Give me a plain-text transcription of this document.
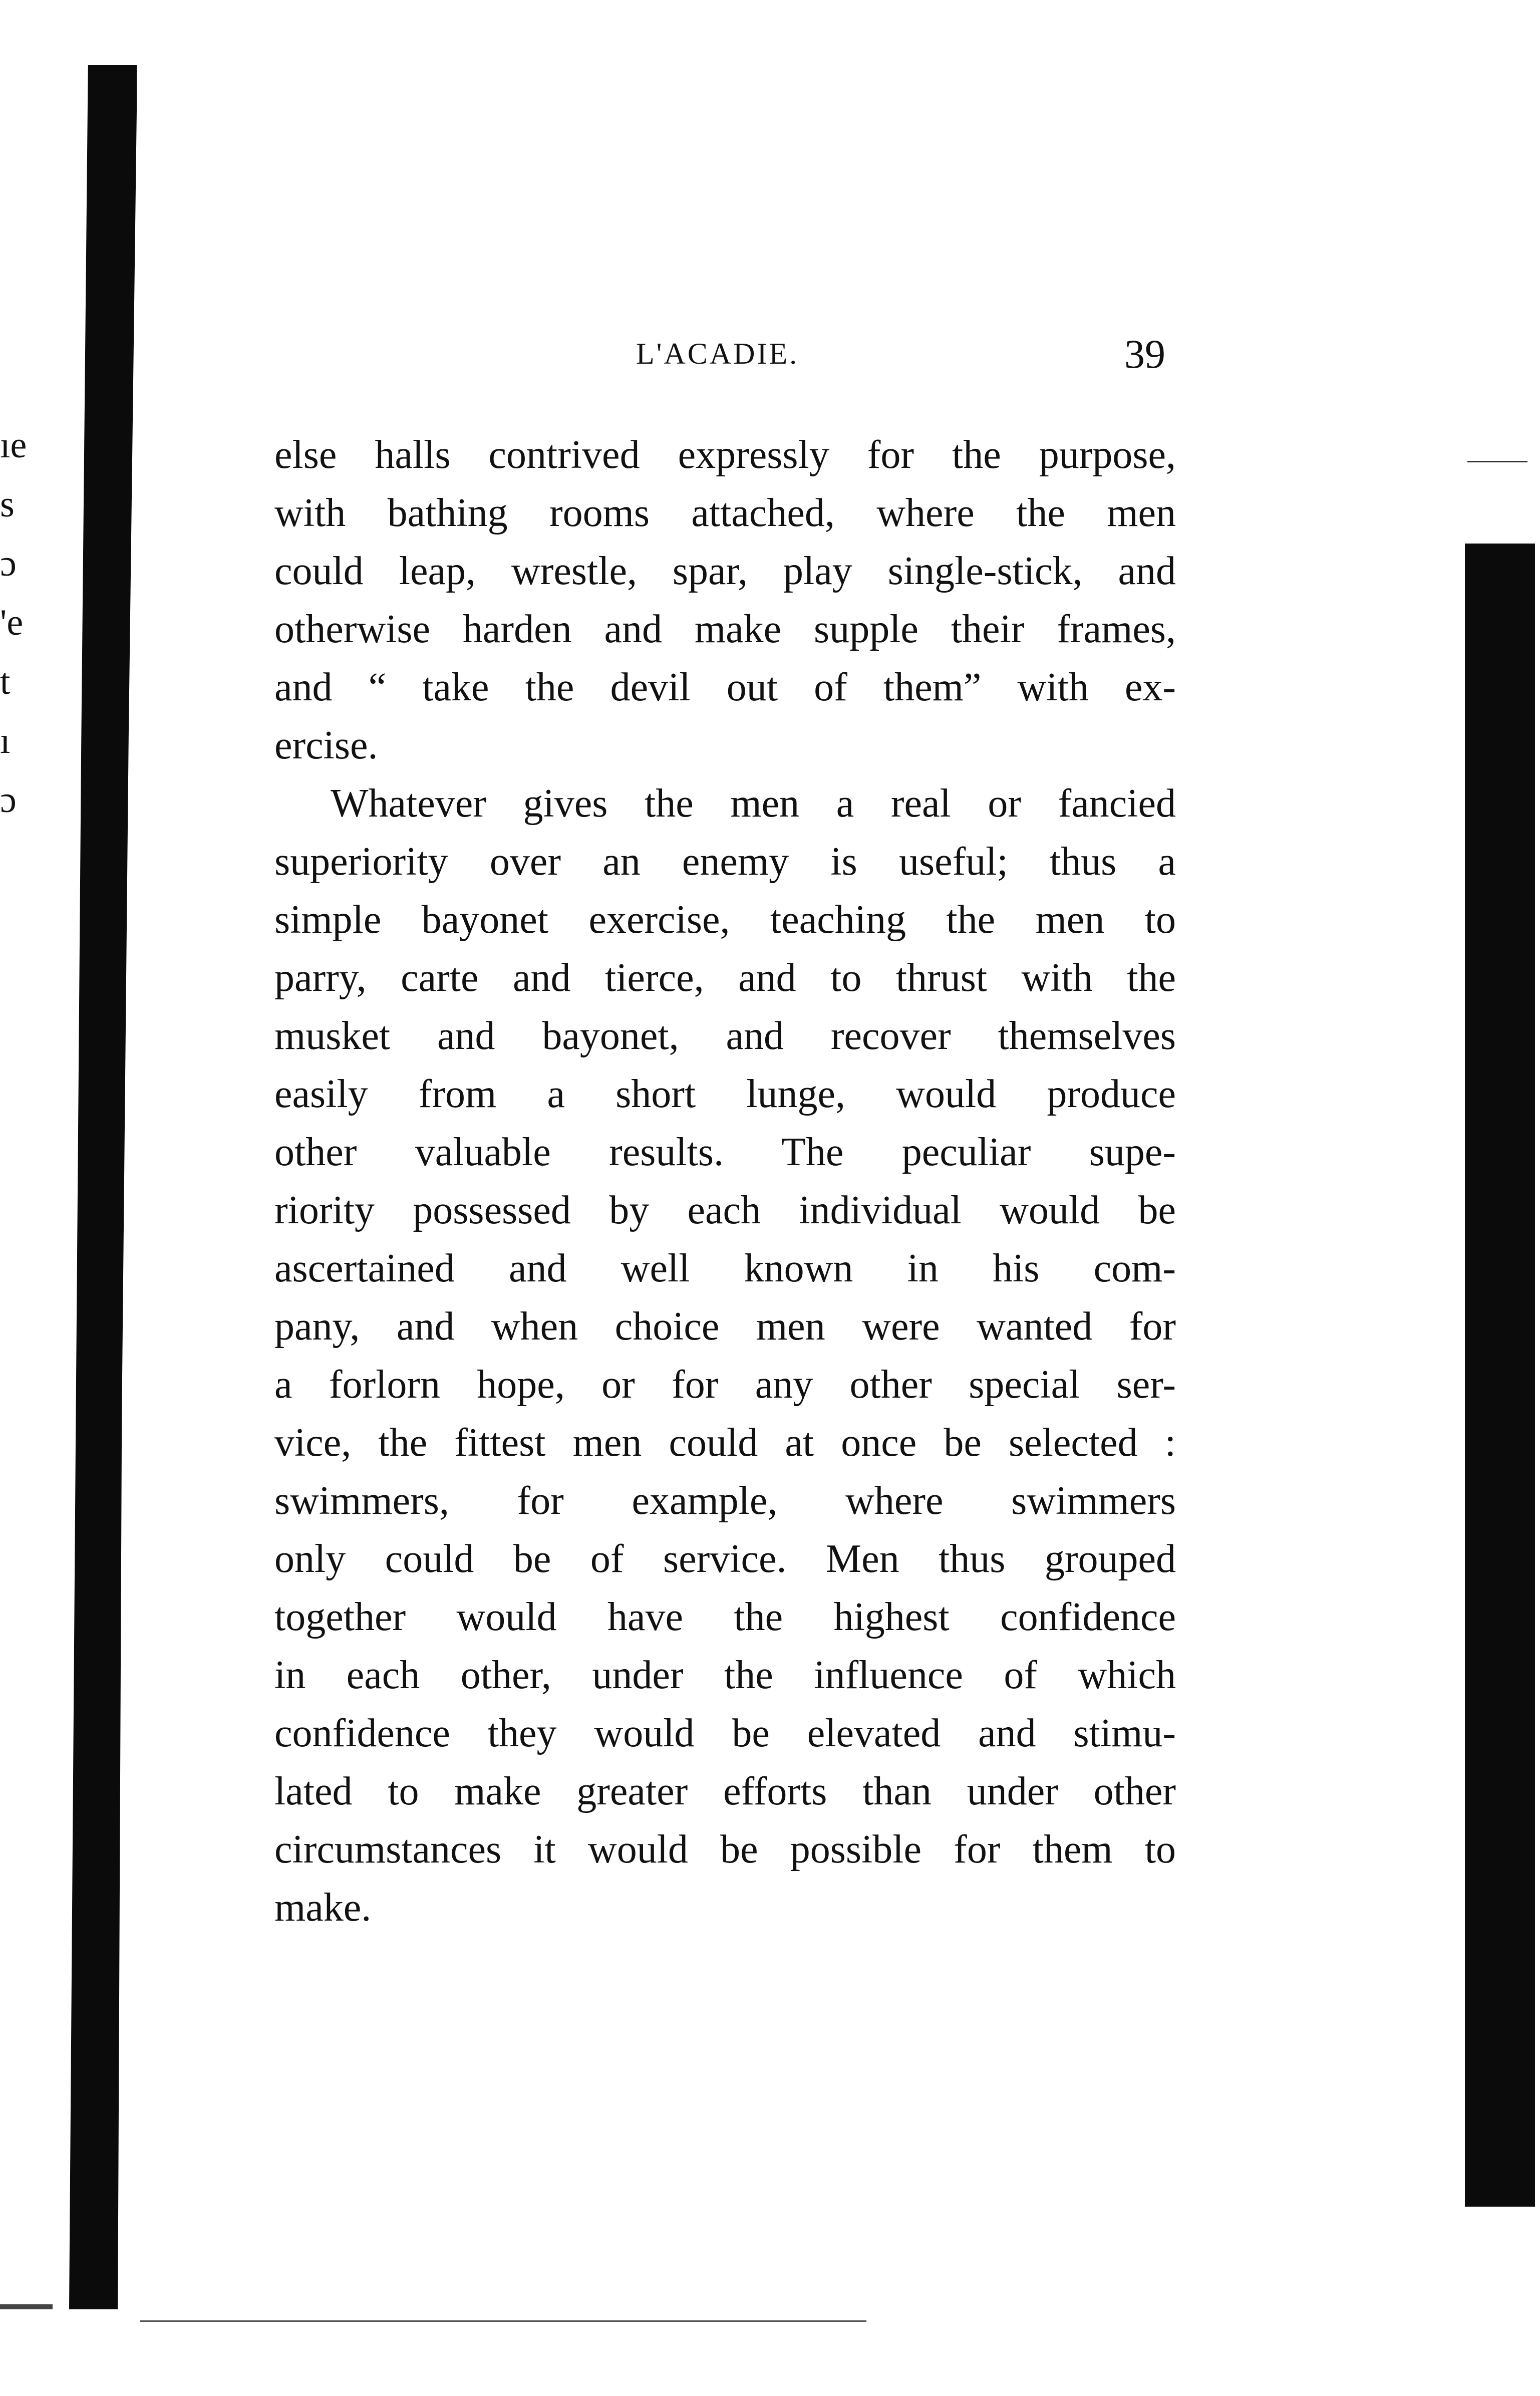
ıe
s
ɔ
'e
t
ı
ɔ
L'ACADIE.	39
else halls contrived expressly for the purpose,
with bathing rooms attached, where the men
could leap, wrestle, spar, play single-stick, and
otherwise harden and make supple their frames,
and “ take the devil out of them” with ex-
ercise.
Whatever gives the men a real or fancied
superiority over an enemy is useful; thus a
simple bayonet exercise, teaching the men to
parry, carte and tierce, and to thrust with the
musket and bayonet, and recover themselves
easily from a short lunge, would produce
other valuable results. The peculiar supe-
riority possessed by each individual would be
ascertained and well known in his com-
pany, and when choice men were wanted for
a forlorn hope, or for any other special ser-
vice, the fittest men could at once be selected :
swimmers, for example, where swimmers
only could be of service. Men thus grouped
together would have the highest confidence
in each other, under the influence of which
confidence they would be elevated and stimu-
lated to make greater efforts than under other
circumstances it would be possible for them to
make.
